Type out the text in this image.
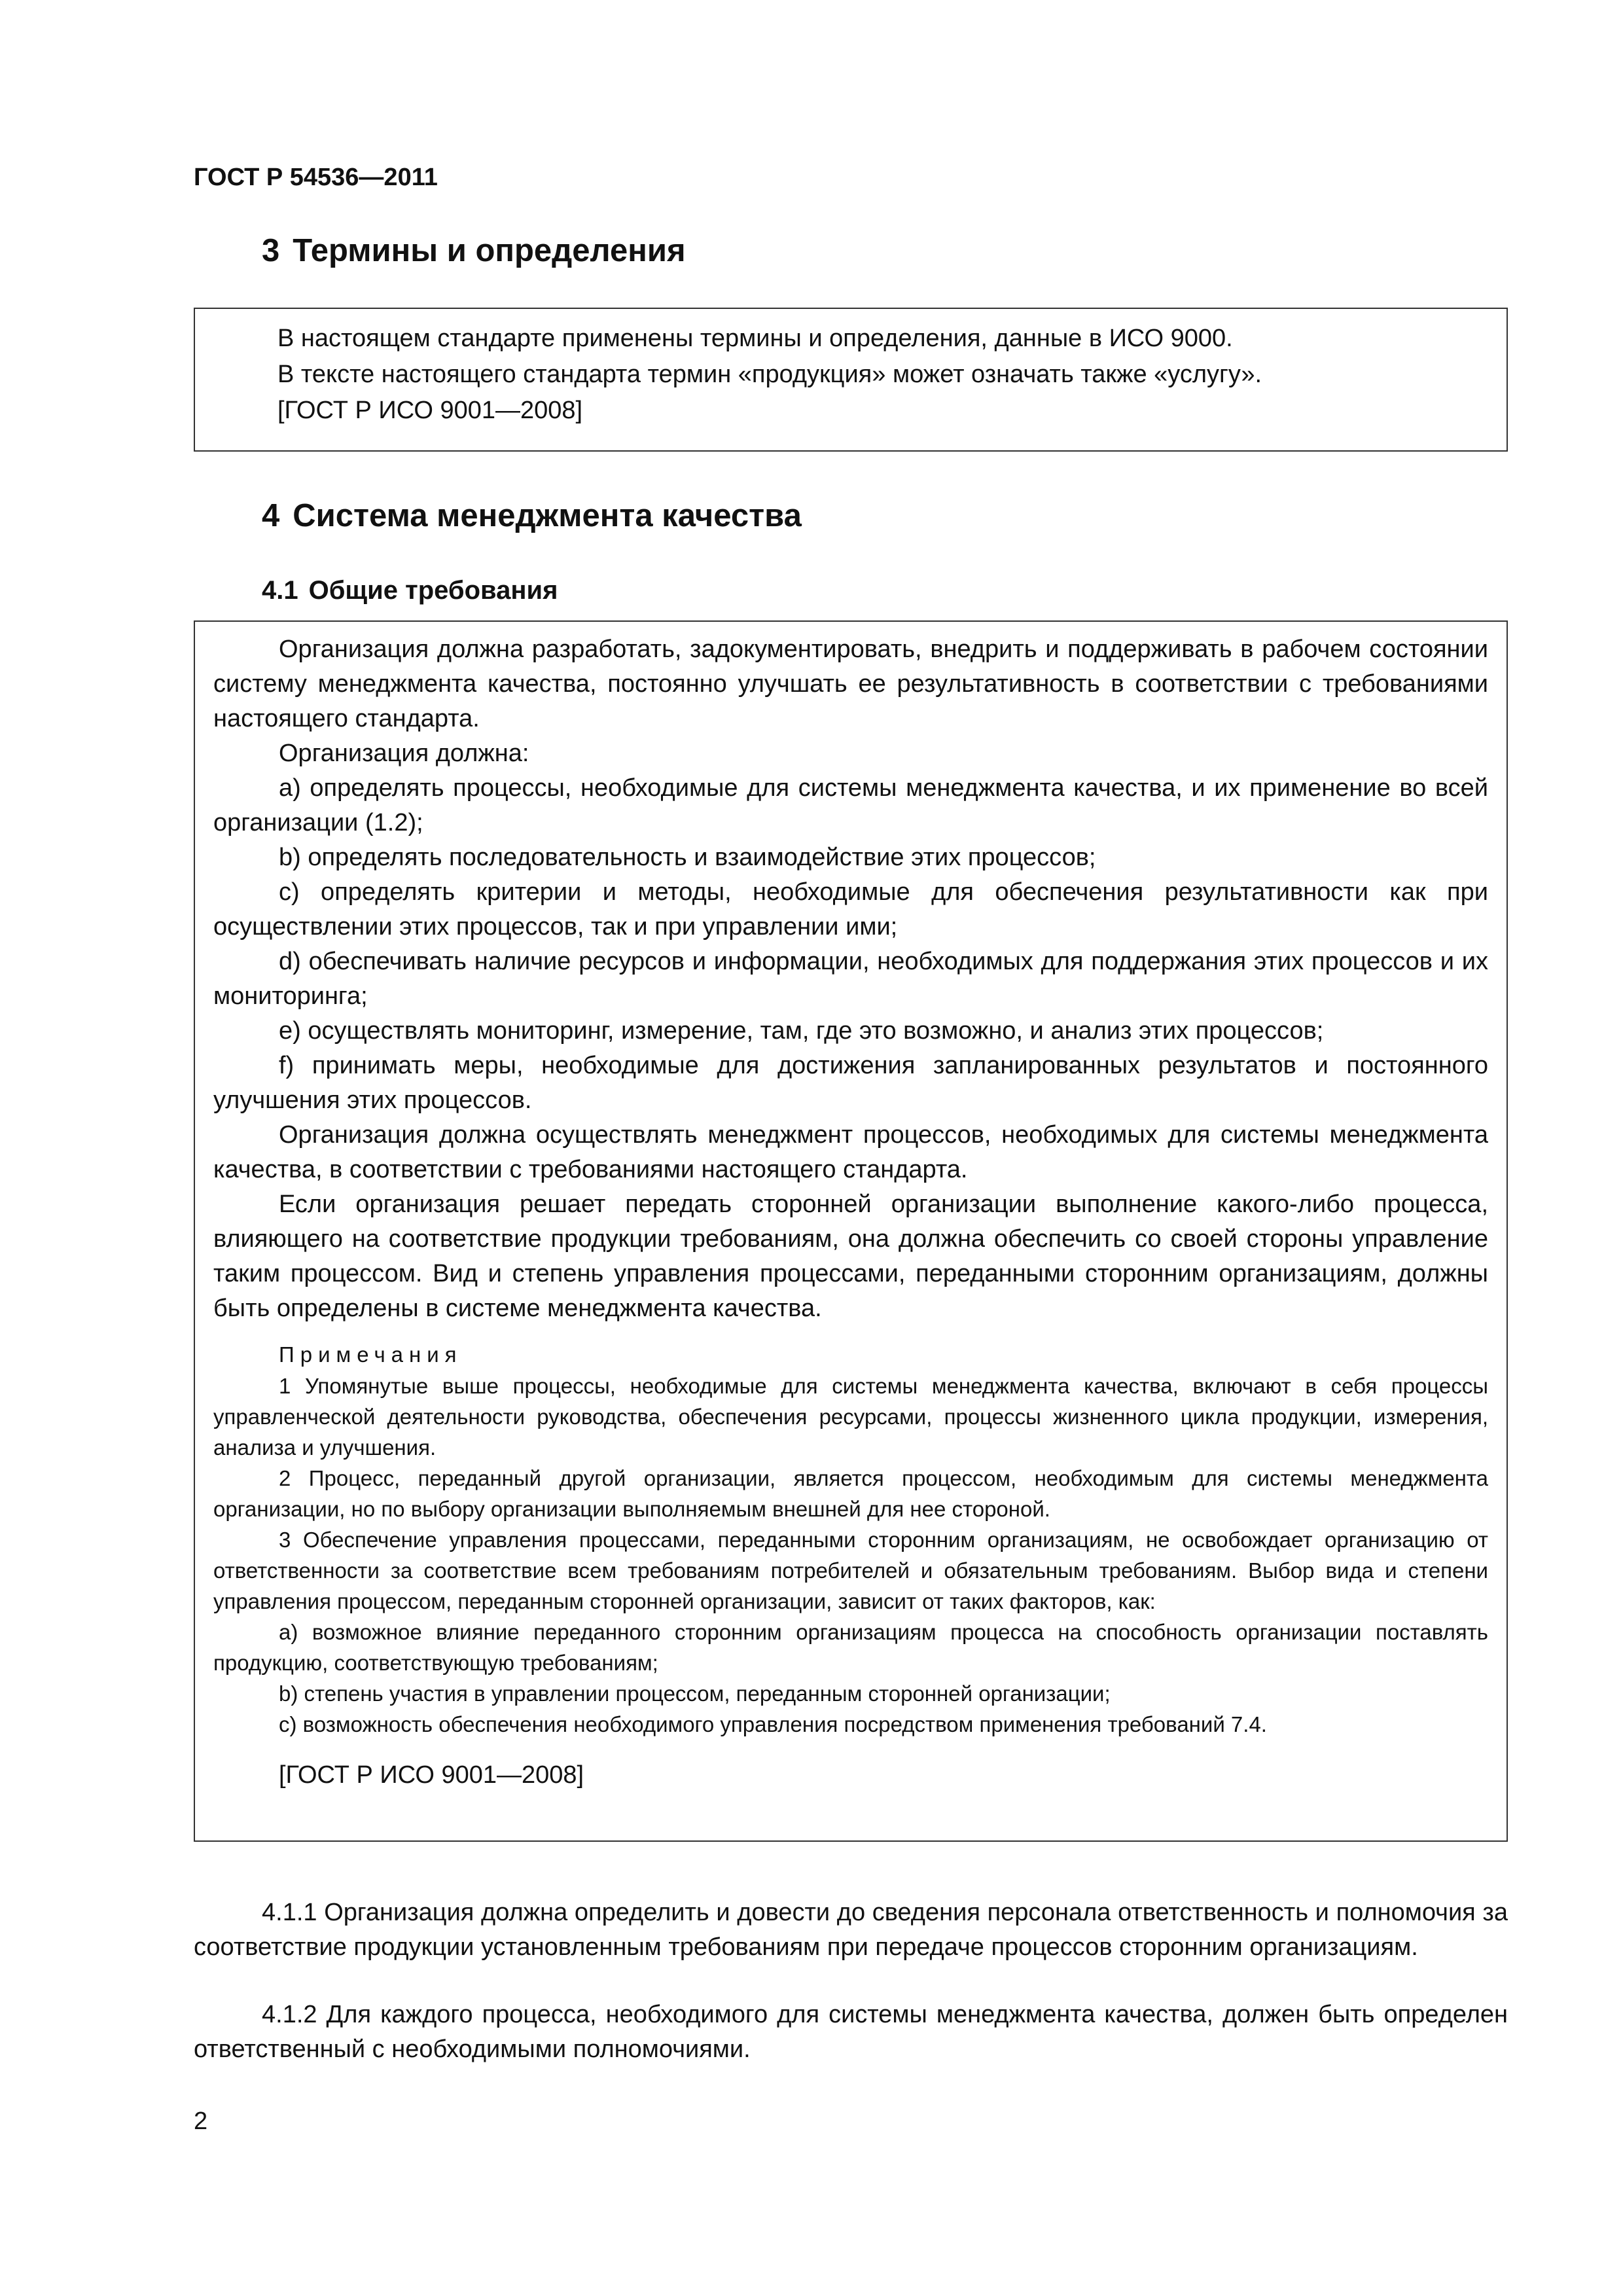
ГОСТ Р 54536—2011
3 Термины и определения
В настоящем стандарте применены термины и определения, данные в ИСО 9000.
В тексте настоящего стандарта термин «продукция» может означать также «услугу».
[ГОСТ Р ИСО 9001—2008]
4 Система менеджмента качества
4.1 Общие требования

Организация должна разработать, задокументировать, внедрить и поддерживать в рабочем состоянии систему менеджмента качества, постоянно улучшать ее результативность в соответствии с требованиями настоящего стандарта.

Организация должна:

a) определять процессы, необходимые для системы менеджмента качества, и их применение во всей организации (1.2);

b) определять последовательность и взаимодействие этих процессов;

c) определять критерии и методы, необходимые для обеспечения результативности как при осуществлении этих процессов, так и при управлении ими;

d) обеспечивать наличие ресурсов и информации, необходимых для поддержания этих процессов и их мониторинга;

e) осуществлять мониторинг, измерение, там, где это возможно, и анализ этих процессов;

f) принимать меры, необходимые для достижения запланированных результатов и постоянного улучшения этих процессов.

Организация должна осуществлять менеджмент процессов, необходимых для системы менеджмента качества, в соответствии с требованиями настоящего стандарта.

Если организация решает передать сторонней организации выполнение какого-либо процесса, влияющего на соответствие продукции требованиям, она должна обеспечить со своей стороны управление таким процессом. Вид и степень управления процессами, переданными сторонним организациям, должны быть определены в системе менеджмента качества.

Примечания

1 Упомянутые выше процессы, необходимые для системы менеджмента качества, включают в себя процессы управленческой деятельности руководства, обеспечения ресурсами, процессы жизненного цикла продукции, измерения, анализа и улучшения.

2 Процесс, переданный другой организации, является процессом, необходимым для системы менеджмента организации, но по выбору организации выполняемым внешней для нее стороной.

3 Обеспечение управления процессами, переданными сторонним организациям, не освобождает организацию от ответственности за соответствие всем требованиям потребителей и обязательным требованиям. Выбор вида и степени управления процессом, переданным сторонней организации, зависит от таких факторов, как:

a) возможное влияние переданного сторонним организациям процесса на способность организации поставлять продукцию, соответствующую требованиям;

b) степень участия в управлении процессом, переданным сторонней организации;

c) возможность обеспечения необходимого управления посредством применения требований 7.4.

[ГОСТ Р ИСО 9001—2008]

4.1.1 Организация должна определить и довести до сведения персонала ответственность и полномочия за соответствие продукции установленным требованиям при передаче процессов сторонним организациям.

4.1.2 Для каждого процесса, необходимого для системы менеджмента качества, должен быть определен ответственный с необходимыми полномочиями.

2
